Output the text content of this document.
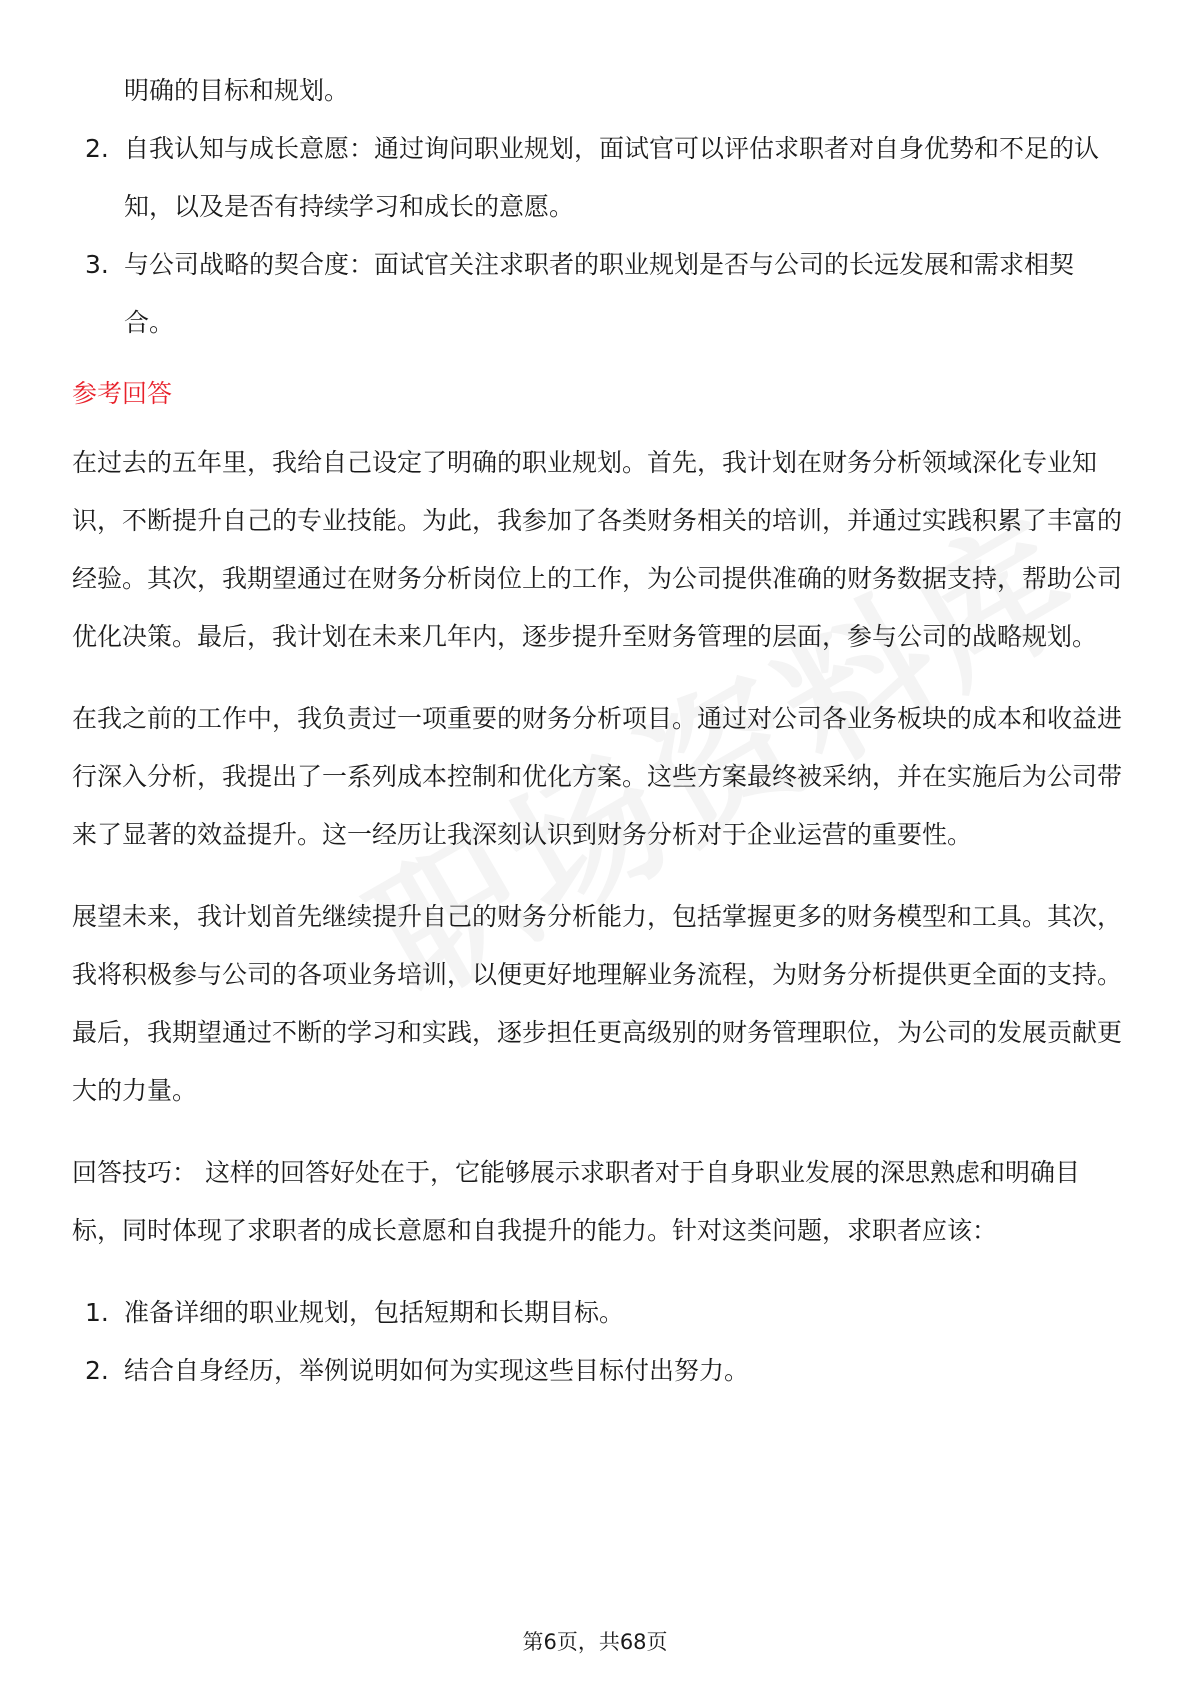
明确的目标和规划。

2. 自我认知与成长意愿：通过询问职业规划，面试官可以评估求职者对自身优势和不足的认知，以及是否有持续学习和成长的意愿。
3. 与公司战略的契合度：面试官关注求职者的职业规划是否与公司的长远发展和需求相契合。
参考回答

在过去的五年里，我给自己设定了明确的职业规划。首先，我计划在财务分析领域深化专业知识，不断提升自己的专业技能。为此，我参加了各类财务相关的培训，并通过实践积累了丰富的经验。其次，我期望通过在财务分析岗位上的工作，为公司提供准确的财务数据支持，帮助公司优化决策。最后，我计划在未来几年内，逐步提升至财务管理的层面，参与公司的战略规划。

在我之前的工作中，我负责过一项重要的财务分析项目。通过对公司各业务板块的成本和收益进行深入分析，我提出了一系列成本控制和优化方案。这些方案最终被采纳，并在实施后为公司带来了显著的效益提升。这一经历让我深刻认识到财务分析对于企业运营的重要性。

展望未来，我计划首先继续提升自己的财务分析能力，包括掌握更多的财务模型和工具。其次，我将积极参与公司的各项业务培训，以便更好地理解业务流程，为财务分析提供更全面的支持。最后，我期望通过不断的学习和实践，逐步担任更高级别的财务管理职位，为公司的发展贡献更大的力量。

回答技巧： 这样的回答好处在于，它能够展示求职者对于自身职业发展的深思熟虑和明确目标，同时体现了求职者的成长意愿和自我提升的能力。针对这类问题，求职者应该：

1. 准备详细的职业规划，包括短期和长期目标。
2. 结合自身经历，举例说明如何为实现这些目标付出努力。
第6页，共68页
